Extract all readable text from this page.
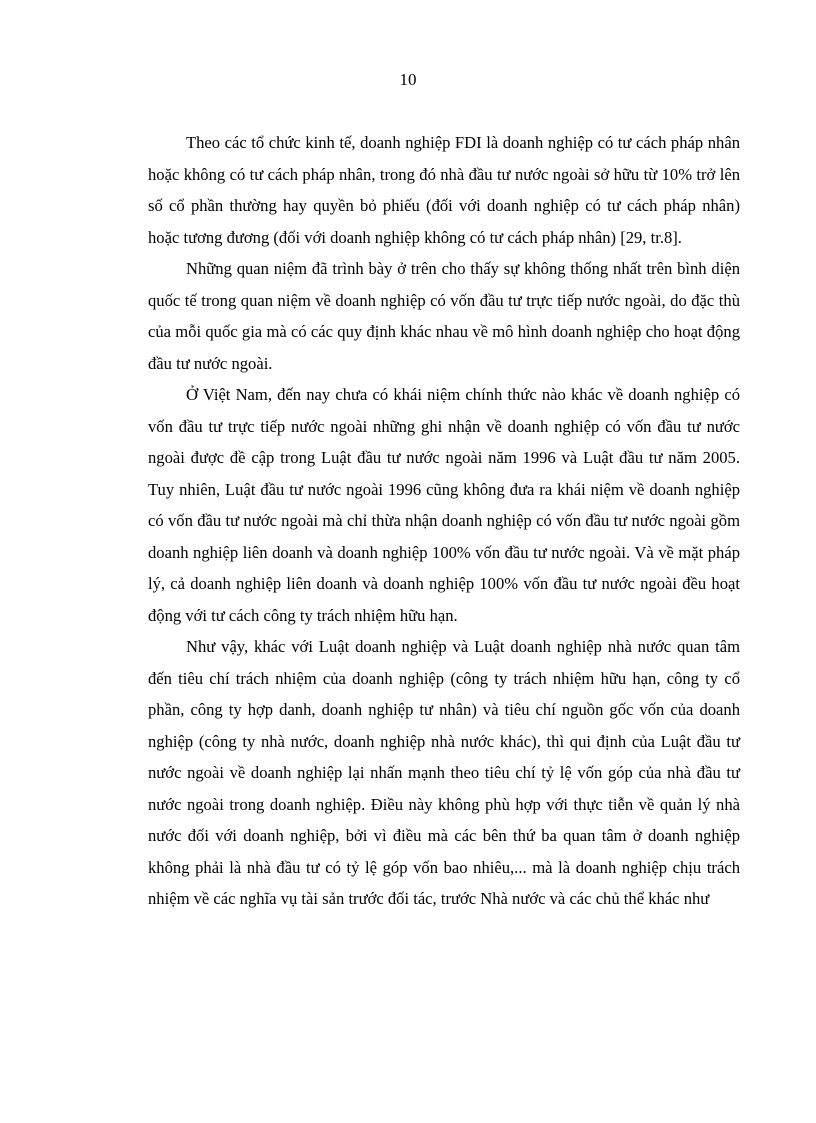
10

Theo các tổ chức kinh tế, doanh nghiệp FDI là doanh nghiệp có tư cách pháp nhân hoặc không có tư cách pháp nhân, trong đó nhà đầu tư nước ngoài sở hữu từ 10% trở lên số cổ phần thường hay quyền bỏ phiếu (đối với doanh nghiệp có tư cách pháp nhân) hoặc tương đương (đối với doanh nghiệp không có tư cách pháp nhân) [29, tr.8].

Những quan niệm đã trình bày ở trên cho thấy sự không thống nhất trên bình diện quốc tế trong quan niệm về doanh nghiệp có vốn đầu tư trực tiếp nước ngoài, do đặc thù của mỗi quốc gia mà có các quy định khác nhau về mô hình doanh nghiệp cho hoạt động đầu tư nước ngoài.

Ở Việt Nam, đến nay chưa có khái niệm chính thức nào khác về doanh nghiệp có vốn đầu tư trực tiếp nước ngoài những ghi nhận về doanh nghiệp có vốn đầu tư nước ngoài được đề cập trong Luật đầu tư nước ngoài năm 1996 và Luật đầu tư năm 2005. Tuy nhiên, Luật đầu tư nước ngoài 1996 cũng không đưa ra khái niệm về doanh nghiệp có vốn đầu tư nước ngoài mà chỉ thừa nhận doanh nghiệp có vốn đầu tư nước ngoài gồm doanh nghiệp liên doanh và doanh nghiệp 100% vốn đầu tư nước ngoài. Và về mặt pháp lý, cả doanh nghiệp liên doanh và doanh nghiệp 100% vốn đầu tư nước ngoài đều hoạt động với tư cách công ty trách nhiệm hữu hạn.

Như vậy, khác với Luật doanh nghiệp và Luật doanh nghiệp nhà nước quan tâm đến tiêu chí trách nhiệm của doanh nghiệp (công ty trách nhiệm hữu hạn, công ty cổ phần, công ty hợp danh, doanh nghiệp tư nhân) và tiêu chí nguồn gốc vốn của doanh nghiệp (công ty nhà nước, doanh nghiệp nhà nước khác), thì qui định của Luật đầu tư nước ngoài về doanh nghiệp lại nhấn mạnh theo tiêu chí tỷ lệ vốn góp của nhà đầu tư nước ngoài trong doanh nghiệp. Điều này không phù hợp với thực tiễn về quản lý nhà nước đối với doanh nghiệp, bởi vì điều mà các bên thứ ba quan tâm ở doanh nghiệp không phải là nhà đầu tư có tỷ lệ góp vốn bao nhiêu,... mà là doanh nghiệp chịu trách nhiệm về các nghĩa vụ tài sản trước đối tác, trước Nhà nước và các chủ thể khác như
